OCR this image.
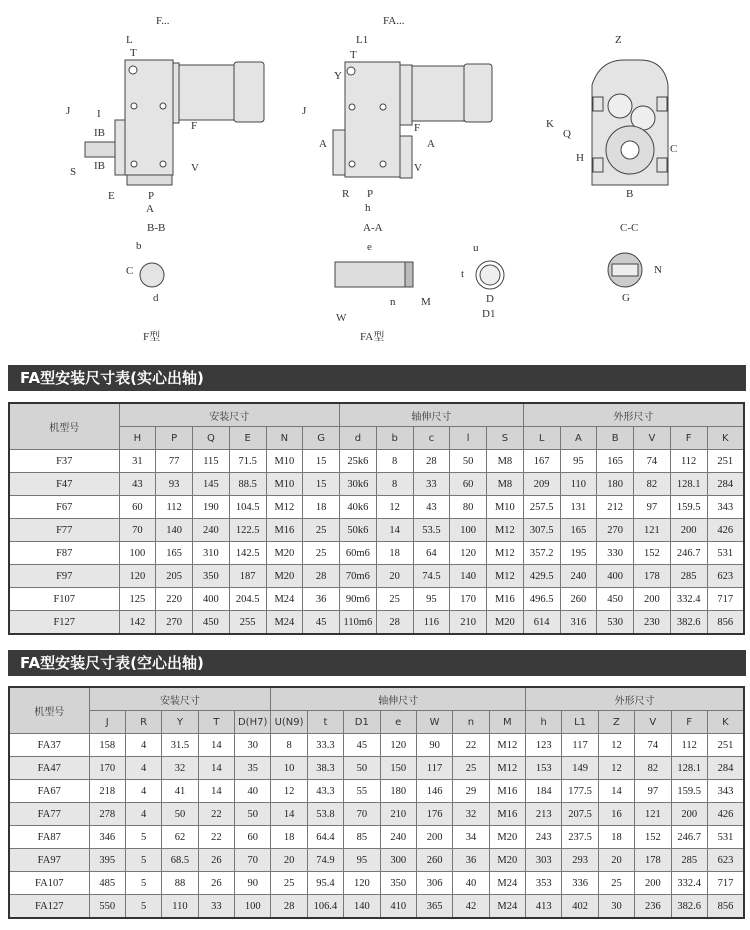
F...	FA...
B-B	A-A	C-C
F型	FA型
L
T
J I
IB
IB
S
F
V
E	P
A
L1
T
Y
J
A	A
F
V
R P
h
Z
K
Q
H
C
B
b
C
d
e
n M
W
u
t
D
D1
N
G
FA型安装尺寸表(实心出轴)
机型号	安装尺寸						轴伸尺寸					外形尺寸					
	H	P	Q	E	N	G	d	b	c	l	S	L	A	B	V	F	K
F37	31	77	115	71.5	M10	15	25k6	8	28	50	M8	167	95	165	74	112	251
F47	43	93	145	88.5	M10	15	30k6	8	33	60	M8	209	110	180	82	128.1	284
F67	60	112	190	104.5	M12	18	40k6	12	43	80	M10	257.5	131	212	97	159.5	343
F77	70	140	240	122.5	M16	25	50k6	14	53.5	100	M12	307.5	165	270	121	200	426
F87	100	165	310	142.5	M20	25	60m6	18	64	120	M12	357.2	195	330	152	246.7	531
F97	120	205	350	187	M20	28	70m6	20	74.5	140	M12	429.5	240	400	178	285	623
F107	125	220	400	204.5	M24	36	90m6	25	95	170	M16	496.5	260	450	200	332.4	717
F127	142	270	450	255	M24	45	110m6	28	116	210	M20	614	316	530	230	382.6	856
FA型安装尺寸表(空心出轴)
机型号	安装尺寸					轴伸尺寸							外形尺寸					
	J	R	Y	T	D(H7)	U(N9)	t	D1	e	W	n	M	h	L1	Z	V	F	K
FA37	158	4	31.5	14	30	8	33.3	45	120	90	22	M12	123	117	12	74	112	251
FA47	170	4	32	14	35	10	38.3	50	150	117	25	M12	153	149	12	82	128.1	284
FA67	218	4	41	14	40	12	43.3	55	180	146	29	M16	184	177.5	14	97	159.5	343
FA77	278	4	50	22	50	14	53.8	70	210	176	32	M16	213	207.5	16	121	200	426
FA87	346	5	62	22	60	18	64.4	85	240	200	34	M20	243	237.5	18	152	246.7	531
FA97	395	5	68.5	26	70	20	74.9	95	300	260	36	M20	303	293	20	178	285	623
FA107	485	5	88	26	90	25	95.4	120	350	306	40	M24	353	336	25	200	332.4	717
FA127	550	5	110	33	100	28	106.4	140	410	365	42	M24	413	402	30	236	382.6	856
